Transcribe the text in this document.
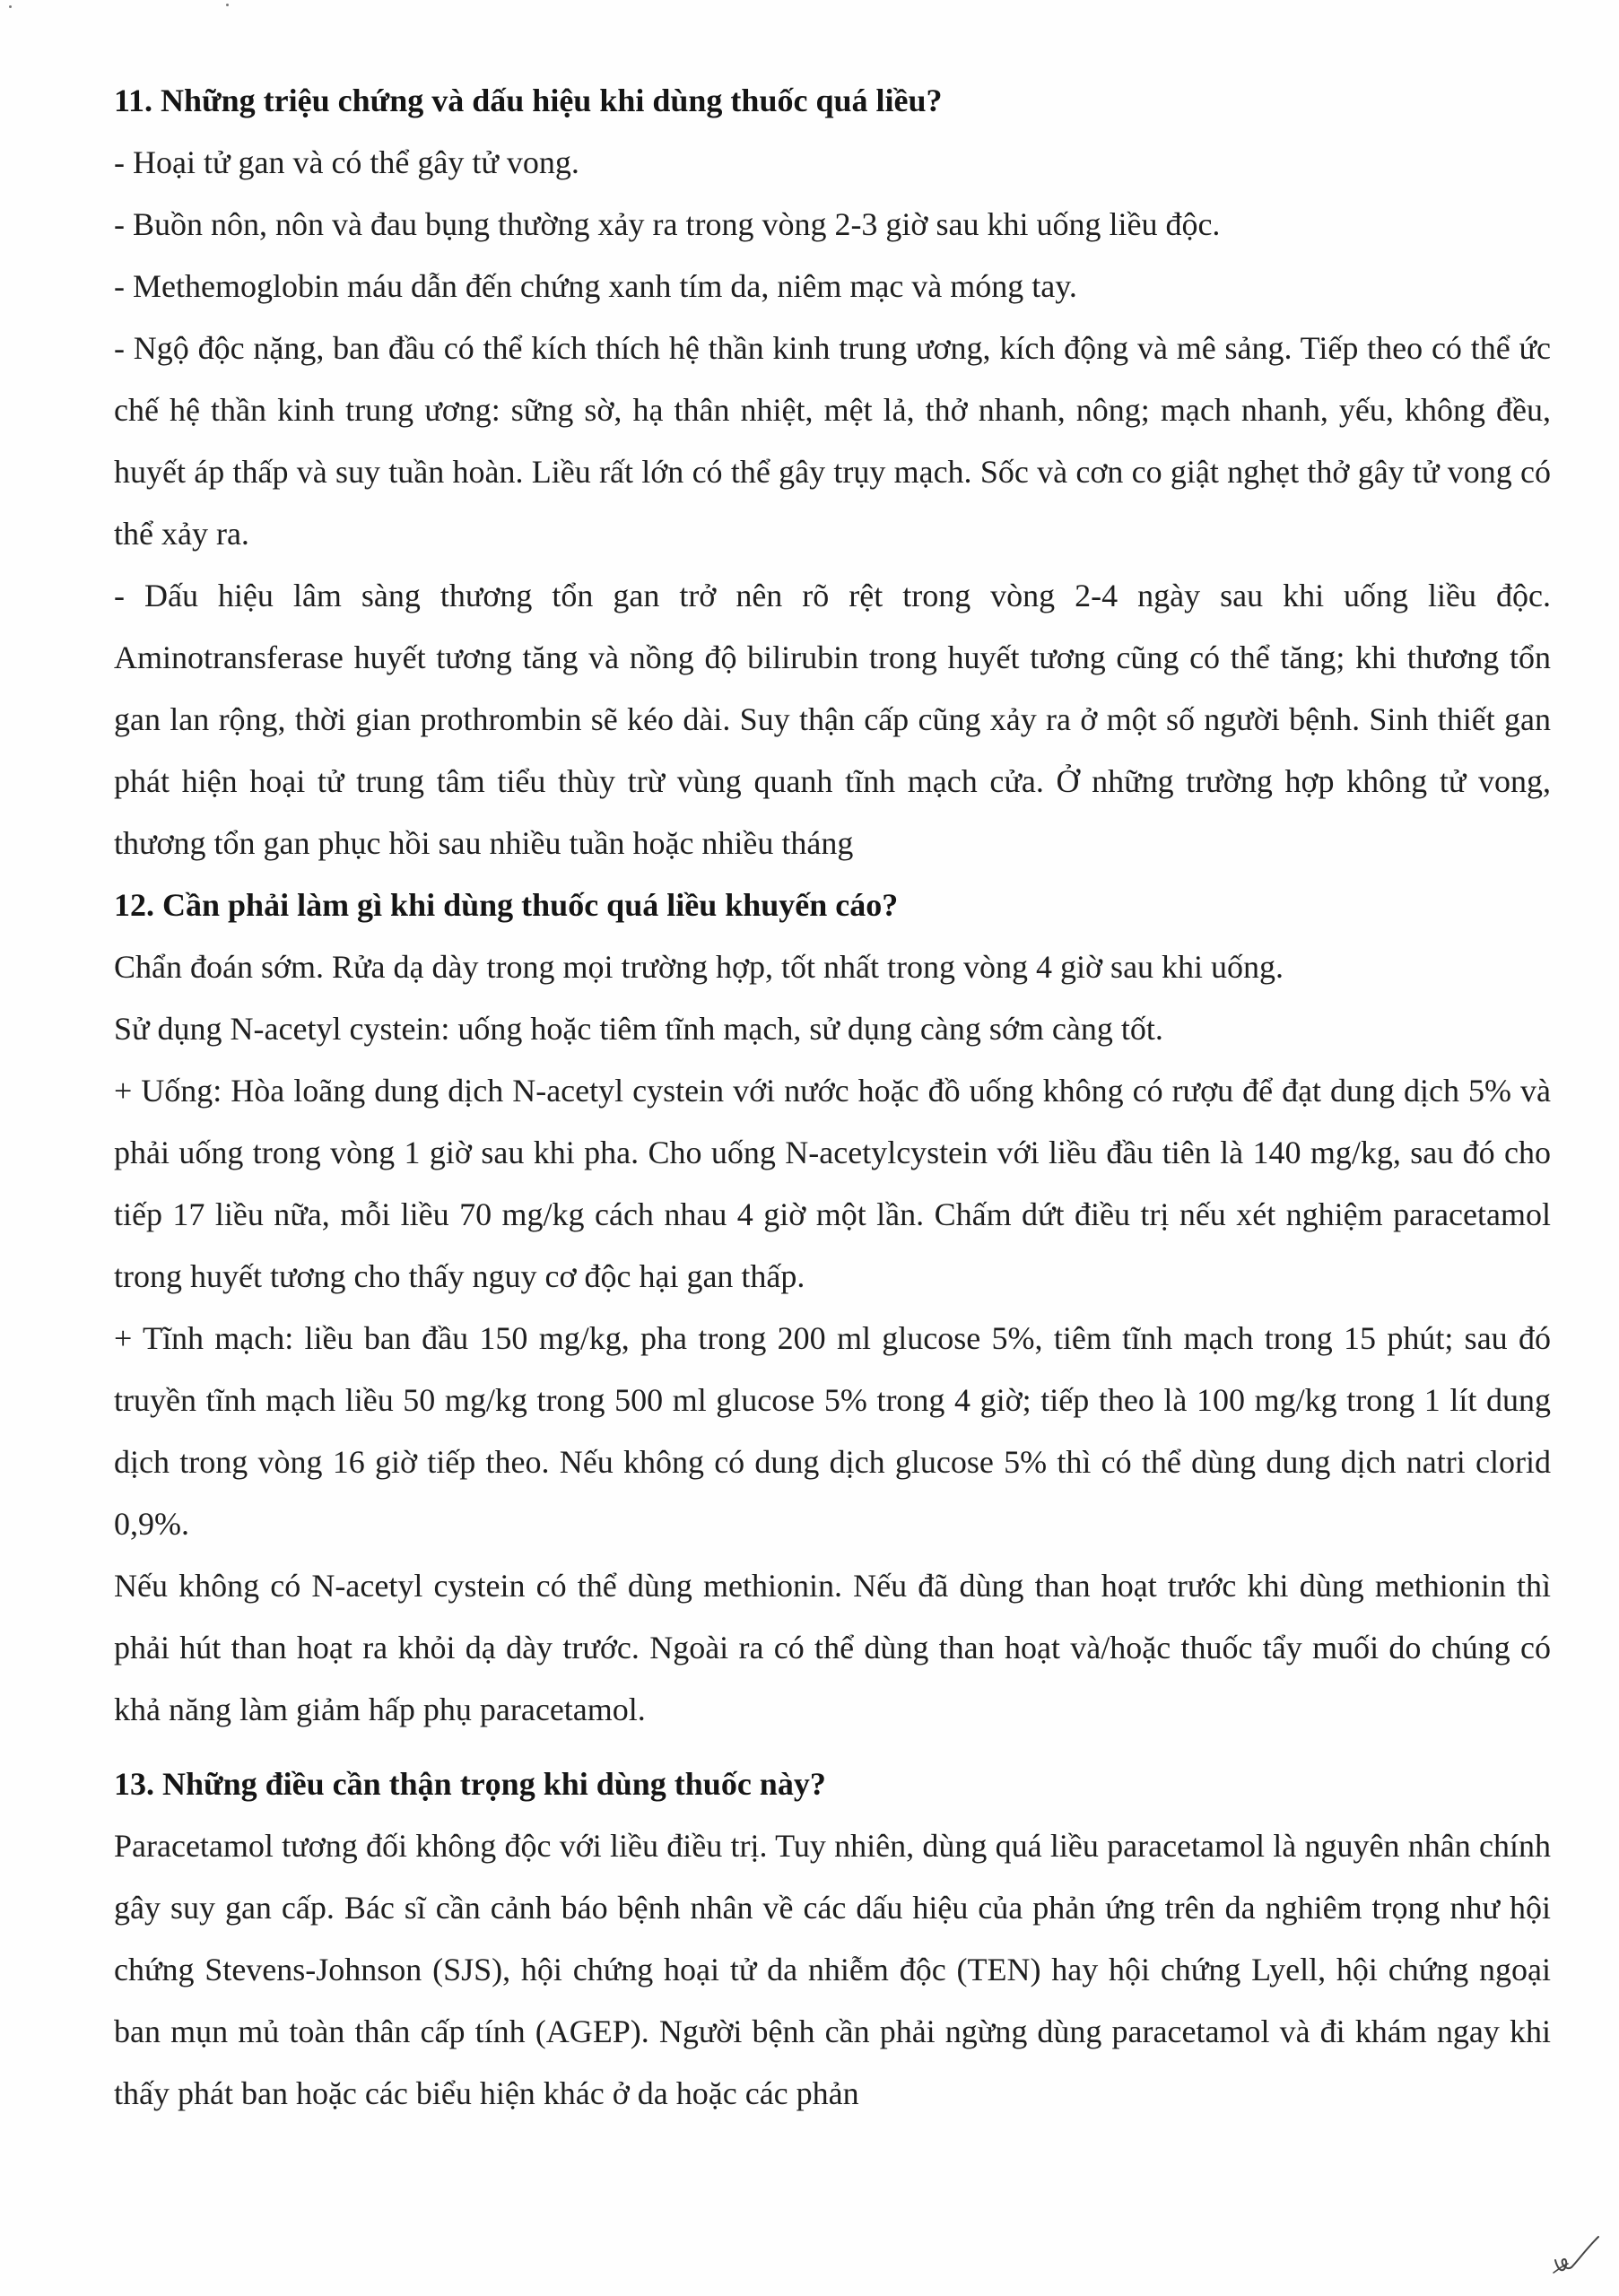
11. Những triệu chứng và dấu hiệu khi dùng thuốc quá liều?

- Hoại tử gan và có thể gây tử vong.

- Buồn nôn, nôn và đau bụng thường xảy ra trong vòng 2-3 giờ sau khi uống liều độc.

- Methemoglobin máu dẫn đến chứng xanh tím da, niêm mạc và móng tay.

- Ngộ độc nặng, ban đầu có thể kích thích hệ thần kinh trung ương, kích động và mê sảng. Tiếp theo có thể ức chế hệ thần kinh trung ương: sững sờ, hạ thân nhiệt, mệt lả, thở nhanh, nông; mạch nhanh, yếu, không đều, huyết áp thấp và suy tuần hoàn. Liều rất lớn có thể gây trụy mạch. Sốc và cơn co giật nghẹt thở gây tử vong có thể xảy ra.

- Dấu hiệu lâm sàng thương tổn gan trở nên rõ rệt trong vòng 2-4 ngày sau khi uống liều độc. Aminotransferase huyết tương tăng và nồng độ bilirubin trong huyết tương cũng có thể tăng; khi thương tổn gan lan rộng, thời gian prothrombin sẽ kéo dài. Suy thận cấp cũng xảy ra ở một số người bệnh. Sinh thiết gan phát hiện hoại tử trung tâm tiểu thùy trừ vùng quanh tĩnh mạch cửa. Ở những trường hợp không tử vong, thương tổn gan phục hồi sau nhiều tuần hoặc nhiều tháng

12. Cần phải làm gì khi dùng thuốc quá liều khuyến cáo?

Chẩn đoán sớm. Rửa dạ dày trong mọi trường hợp, tốt nhất trong vòng 4 giờ sau khi uống.

Sử dụng N-acetyl cystein: uống hoặc tiêm tĩnh mạch, sử dụng càng sớm càng tốt.

+ Uống: Hòa loãng dung dịch N-acetyl cystein với nước hoặc đồ uống không có rượu để đạt dung dịch 5% và phải uống trong vòng 1 giờ sau khi pha. Cho uống N-acetylcystein với liều đầu tiên là 140 mg/kg, sau đó cho tiếp 17 liều nữa, mỗi liều 70 mg/kg cách nhau 4 giờ một lần. Chấm dứt điều trị nếu xét nghiệm paracetamol trong huyết tương cho thấy nguy cơ độc hại gan thấp.

+ Tĩnh mạch: liều ban đầu 150 mg/kg, pha trong 200 ml glucose 5%, tiêm tĩnh mạch trong 15 phút; sau đó truyền tĩnh mạch liều 50 mg/kg trong 500 ml glucose 5% trong 4 giờ; tiếp theo là 100 mg/kg trong 1 lít dung dịch trong vòng 16 giờ tiếp theo. Nếu không có dung dịch glucose 5% thì có thể dùng dung dịch natri clorid 0,9%.

Nếu không có N-acetyl cystein có thể dùng methionin. Nếu đã dùng than hoạt trước khi dùng methionin thì phải hút than hoạt ra khỏi dạ dày trước. Ngoài ra có thể dùng than hoạt và/hoặc thuốc tẩy muối do chúng có khả năng làm giảm hấp phụ paracetamol.

13. Những điều cần thận trọng khi dùng thuốc này?

Paracetamol tương đối không độc với liều điều trị. Tuy nhiên, dùng quá liều paracetamol là nguyên nhân chính gây suy gan cấp. Bác sĩ cần cảnh báo bệnh nhân về các dấu hiệu của phản ứng trên da nghiêm trọng như hội chứng Stevens-Johnson (SJS), hội chứng hoại tử da nhiễm độc (TEN) hay hội chứng Lyell, hội chứng ngoại ban mụn mủ toàn thân cấp tính (AGEP). Người bệnh cần phải ngừng dùng paracetamol và đi khám ngay khi thấy phát ban hoặc các biểu hiện khác ở da hoặc các phản
